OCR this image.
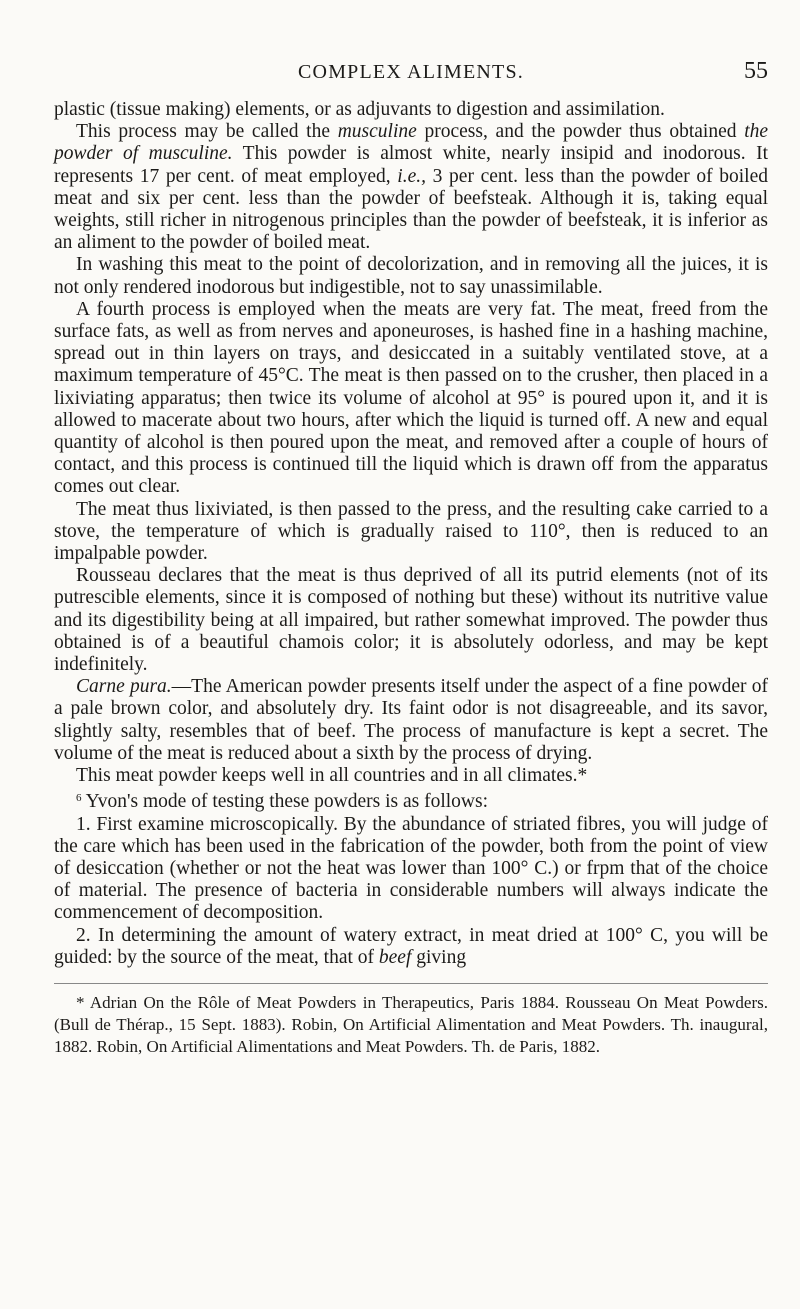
COMPLEX ALIMENTS.	55

plastic (tissue making) elements, or as adjuvants to digestion and assimilation.

This process may be called the musculine process, and the powder thus obtained the powder of musculine. This powder is almost white, nearly insipid and inodorous. It represents 17 per cent. of meat employed, i.e., 3 per cent. less than the powder of boiled meat and six per cent. less than the powder of beefsteak. Although it is, taking equal weights, still richer in nitrogenous principles than the powder of beefsteak, it is inferior as an aliment to the powder of boiled meat.

In washing this meat to the point of decolorization, and in removing all the juices, it is not only rendered inodorous but indigestible, not to say unassimilable.

A fourth process is employed when the meats are very fat. The meat, freed from the surface fats, as well as from nerves and aponeuroses, is hashed fine in a hashing machine, spread out in thin layers on trays, and desiccated in a suitably ventilated stove, at a maximum temperature of 45°C. The meat is then passed on to the crusher, then placed in a lixiviating apparatus; then twice its volume of alcohol at 95° is poured upon it, and it is allowed to macerate about two hours, after which the liquid is turned off. A new and equal quantity of alcohol is then poured upon the meat, and removed after a couple of hours of contact, and this process is continued till the liquid which is drawn off from the apparatus comes out clear.

The meat thus lixiviated, is then passed to the press, and the resulting cake carried to a stove, the temperature of which is gradually raised to 110°, then is reduced to an impalpable powder.

Rousseau declares that the meat is thus deprived of all its putrid elements (not of its putrescible elements, since it is composed of nothing but these) without its nutritive value and its digestibility being at all impaired, but rather somewhat improved. The powder thus obtained is of a beautiful chamois color; it is absolutely odorless, and may be kept indefinitely.

Carne pura.—The American powder presents itself under the aspect of a fine powder of a pale brown color, and absolutely dry. Its faint odor is not disagreeable, and its savor, slightly salty, resembles that of beef. The process of manufacture is kept a secret. The volume of the meat is reduced about a sixth by the process of drying.

This meat powder keeps well in all countries and in all climates.*

$^6$ Yvon's mode of testing these powders is as follows:

1. First examine microscopically. By the abundance of striated fibres, you will judge of the care which has been used in the fabrication of the powder, both from the point of view of desiccation (whether or not the heat was lower than 100° C.) or frpm that of the choice of material. The presence of bacteria in considerable numbers will always indicate the commencement of decomposition.

2. In determining the amount of watery extract, in meat dried at 100° C, you will be guided: by the source of the meat, that of beef giving

* Adrian On the Rôle of Meat Powders in Therapeutics, Paris 1884. Rousseau On Meat Powders. (Bull de Thérap., 15 Sept. 1883). Robin, On Artificial Alimentation and Meat Powders. Th. inaugural, 1882. Robin, On Artificial Alimentations and Meat Powders. Th. de Paris, 1882.
